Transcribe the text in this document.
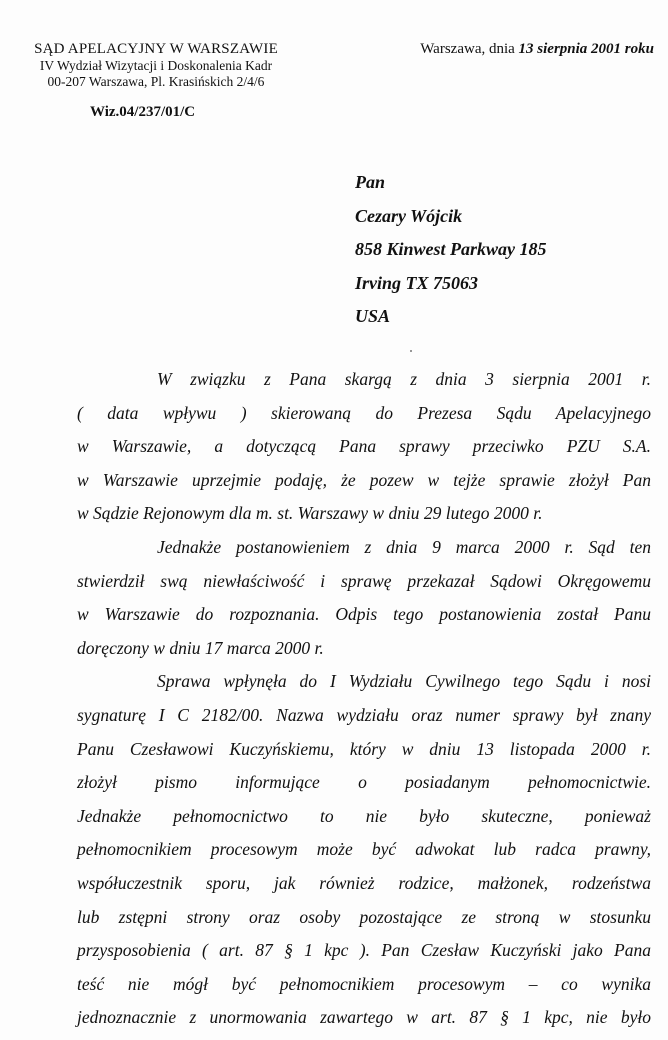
SĄD APELACYJNY W WARSZAWIE
IV Wydział Wizytacji i Doskonalenia Kadr
00-207 Warszawa, Pl. Krasińskich 2/4/6
Wiz.04/237/01/C
Warszawa, dnia 13 sierpnia 2001 roku
Pan
Cezary Wójcik
858 Kinwest Parkway 185
Irving TX 75063
USA
W związku z Pana skargą z dnia 3 sierpnia 2001 r.
( data wpływu ) skierowaną do Prezesa Sądu Apelacyjnego
w Warszawie, a dotyczącą Pana sprawy przeciwko PZU S.A.
w Warszawie uprzejmie podaję, że pozew w tejże sprawie złożył Pan
w Sądzie Rejonowym dla m. st. Warszawy w dniu 29 lutego 2000 r.
Jednakże postanowieniem z dnia 9 marca 2000 r. Sąd ten
stwierdził swą niewłaściwość i sprawę przekazał Sądowi Okręgowemu
w Warszawie do rozpoznania. Odpis tego postanowienia został Panu
doręczony w dniu 17 marca 2000 r.
Sprawa wpłynęła do I Wydziału Cywilnego tego Sądu i nosi
sygnaturę I C 2182/00. Nazwa wydziału oraz numer sprawy był znany
Panu Czesławowi Kuczyńskiemu, który w dniu 13 listopada 2000 r.
złożył pismo informujące o posiadanym pełnomocnictwie.
Jednakże pełnomocnictwo to nie było skuteczne, ponieważ
pełnomocnikiem procesowym może być adwokat lub radca prawny,
współuczestnik sporu, jak również rodzice, małżonek, rodzeństwa
lub zstępni strony oraz osoby pozostające ze stroną w stosunku
przysposobienia ( art. 87 § 1 kpc ). Pan Czesław Kuczyński jako Pana
teść nie mógł być pełnomocnikiem procesowym – co wynika
jednoznacznie z unormowania zawartego w art. 87 § 1 kpc, nie było
